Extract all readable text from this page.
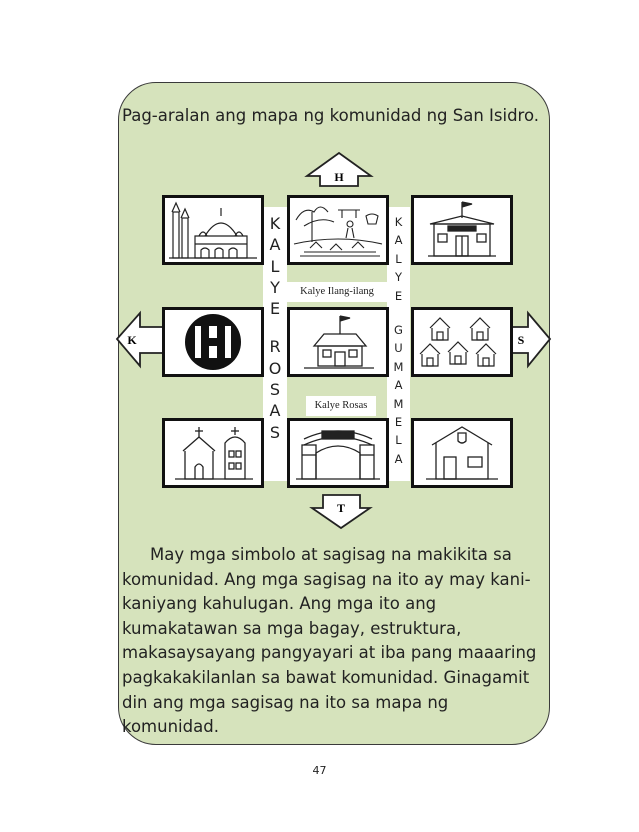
Pag-aralan ang mapa ng komunidad ng San Isidro.
H
T
K	S
K
A
L
Y
E
R
O
S
A
S
K
A
L
Y
E
G
U
M
A
M
E
L
A
Kalye Ilang-ilang
Kalye Rosas
May mga simbolo at sagisag na makikita sa komunidad. Ang mga sagisag na ito ay may kani-kaniyang kahulugan. Ang mga ito ang kumakatawan sa mga bagay, estruktura, makasaysayang pangyayari at iba pang maaaring pagkakakilanlan sa bawat komunidad. Ginagamit din ang mga sagisag na ito sa mapa ng komunidad.
47
